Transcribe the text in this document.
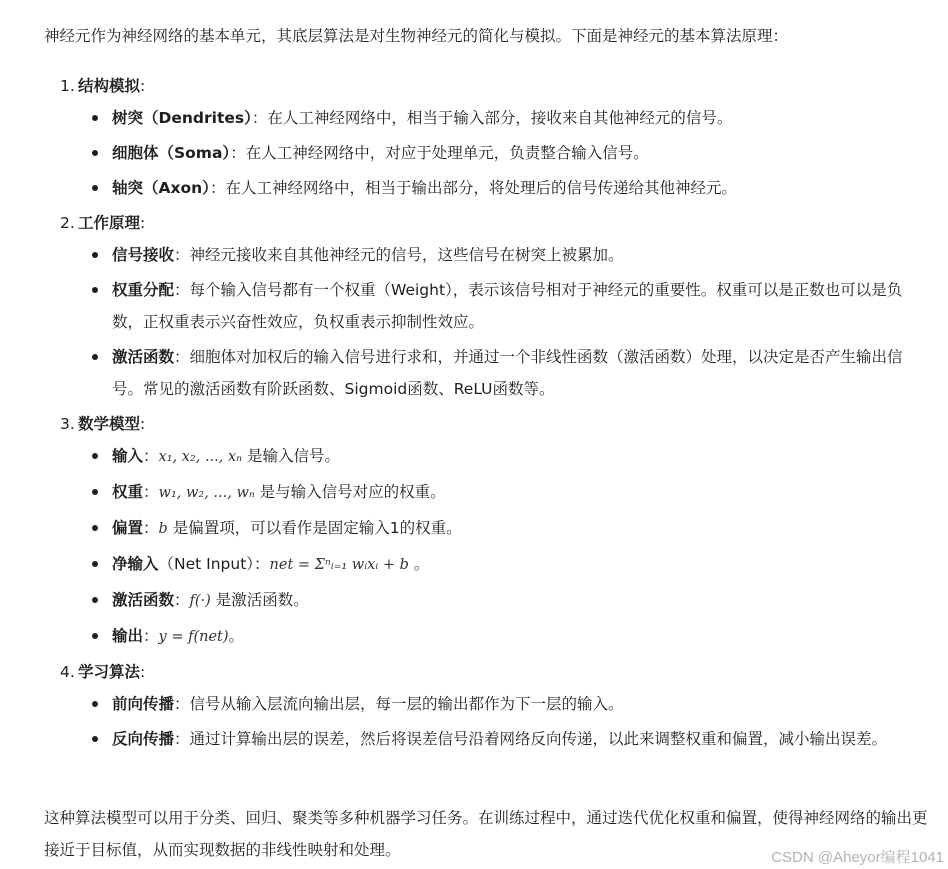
神经元作为神经网络的基本单元，其底层算法是对生物神经元的简化与模拟。下面是神经元的基本算法原理：

1. 结构模拟:
树突（Dendrites）：在人工神经网络中，相当于输入部分，接收来自其他神经元的信号。
细胞体（Soma）：在人工神经网络中，对应于处理单元，负责整合输入信号。
轴突（Axon）：在人工神经网络中，相当于输出部分，将处理后的信号传递给其他神经元。
2. 工作原理:
信号接收：神经元接收来自其他神经元的信号，这些信号在树突上被累加。
权重分配：每个输入信号都有一个权重（Weight），表示该信号相对于神经元的重要性。权重可以是正数也可以是负数，正权重表示兴奋性效应，负权重表示抑制性效应。
激活函数：细胞体对加权后的输入信号进行求和，并通过一个非线性函数（激活函数）处理，以决定是否产生输出信号。常见的激活函数有阶跃函数、Sigmoid函数、ReLU函数等。
3. 数学模型:
输入：x₁, x₂, ..., xₙ 是输入信号。
权重：w₁, w₂, ..., wₙ 是与输入信号对应的权重。
偏置：b 是偏置项，可以看作是固定输入1的权重。
净输入（Net Input）：net = Σⁿᵢ₌₁ wᵢxᵢ + b 。
激活函数：f(·) 是激活函数。
输出：y = f(net)。
4. 学习算法:
前向传播：信号从输入层流向输出层，每一层的输出都作为下一层的输入。
反向传播：通过计算输出层的误差，然后将误差信号沿着网络反向传递，以此来调整权重和偏置，减小输出误差。

这种算法模型可以用于分类、回归、聚类等多种机器学习任务。在训练过程中，通过迭代优化权重和偏置，使得神经网络的输出更接近于目标值，从而实现数据的非线性映射和处理。	CSDN @Aheyor编程1041
